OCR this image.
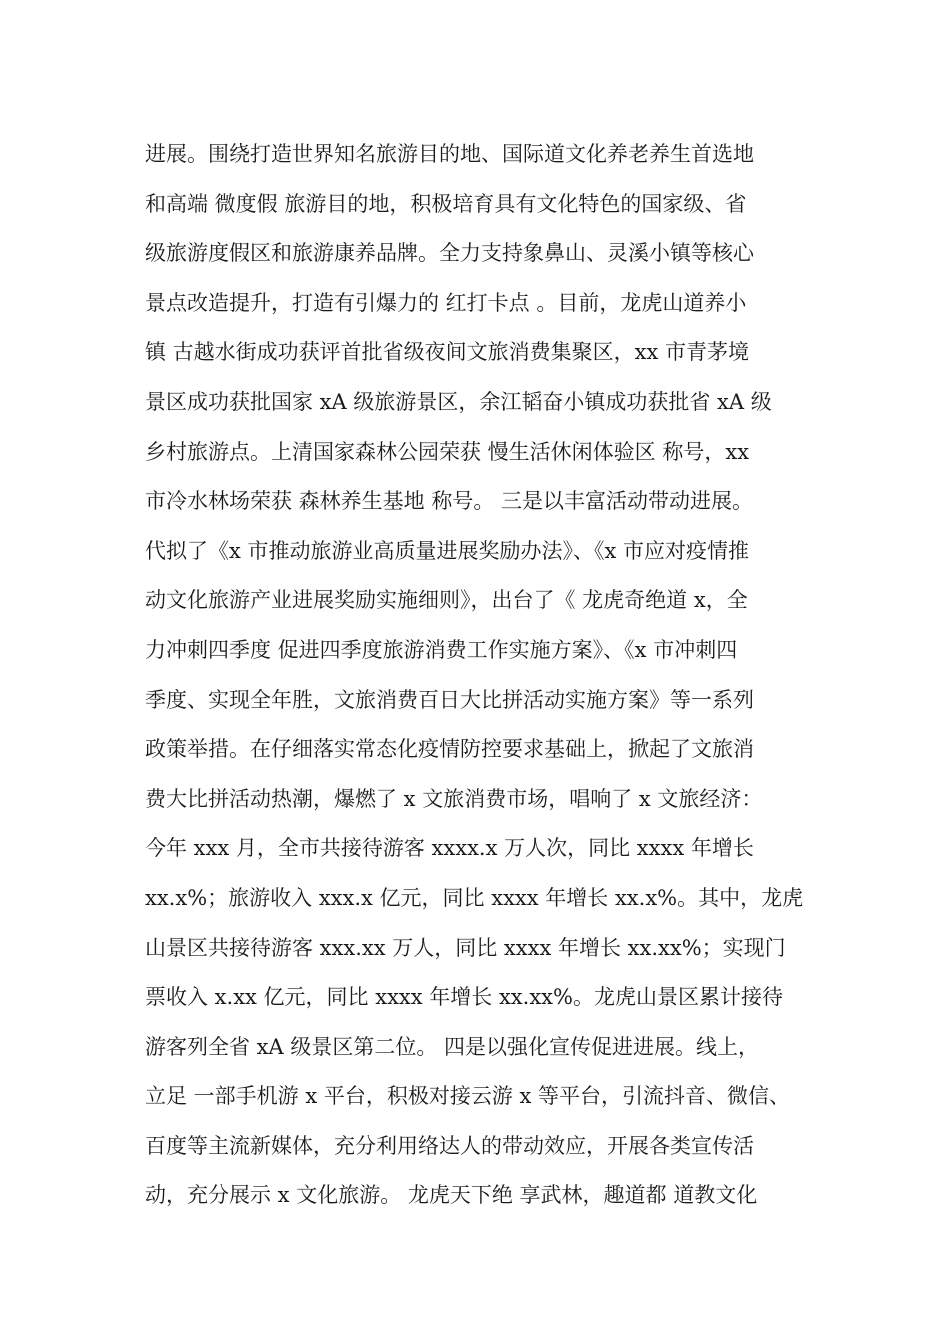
进展。围绕打造世界知名旅游目的地、国际道文化养老养生首选地
和高端 微度假 旅游目的地，积极培育具有文化特色的国家级、省
级旅游度假区和旅游康养品牌。全力支持象鼻山、灵溪小镇等核心
景点改造提升，打造有引爆力的 红打卡点 。目前，龙虎山道养小
镇 古越水街成功获评首批省级夜间文旅消费集聚区，xx 市青茅境
景区成功获批国家 xA 级旅游景区，余江韬奋小镇成功获批省 xA 级
乡村旅游点。上清国家森林公园荣获 慢生活休闲体验区 称号，xx
市冷水林场荣获 森林养生基地 称号。 三是以丰富活动带动进展。
代拟了《x 市推动旅游业高质量进展奖励办法》、《x 市应对疫情推
动文化旅游产业进展奖励实施细则》，出台了《 龙虎奇绝道 x，全
力冲刺四季度 促进四季度旅游消费工作实施方案》、《x 市冲刺四
季度、实现全年胜，文旅消费百日大比拼活动实施方案》等一系列
政策举措。在仔细落实常态化疫情防控要求基础上，掀起了文旅消
费大比拼活动热潮，爆燃了 x 文旅消费市场，唱响了 x 文旅经济：
今年 xxx 月，全市共接待游客 xxxx.x 万人次，同比 xxxx 年增长
xx.x%；旅游收入 xxx.x 亿元，同比 xxxx 年增长 xx.x%。其中，龙虎
山景区共接待游客 xxx.xx 万人，同比 xxxx 年增长 xx.xx%；实现门
票收入 x.xx 亿元，同比 xxxx 年增长 xx.xx%。龙虎山景区累计接待
游客列全省 xA 级景区第二位。 四是以强化宣传促进进展。线上，
立足 一部手机游 x 平台，积极对接云游 x 等平台，引流抖音、微信、
百度等主流新媒体，充分利用络达人的带动效应，开展各类宣传活
动，充分展示 x 文化旅游。 龙虎天下绝 享武林，趣道都 道教文化
